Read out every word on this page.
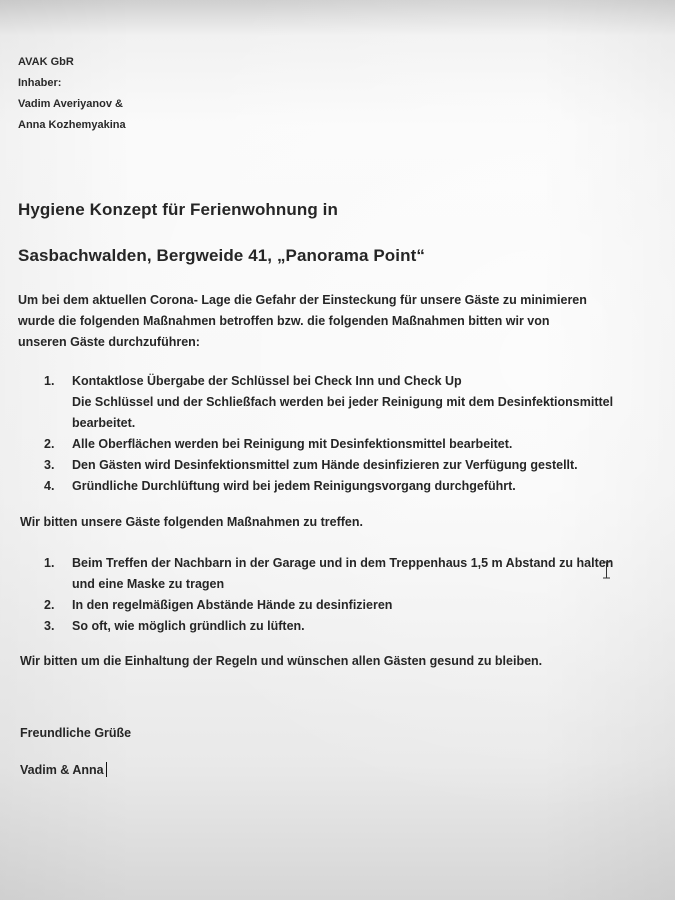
AVAK GbR
Inhaber:
Vadim Averiyanov &
Anna Kozhemyakina
Hygiene Konzept für Ferienwohnung in
Sasbachwalden, Bergweide 41, „Panorama Point“
Um bei dem aktuellen Corona- Lage die Gefahr der Einsteckung für unsere Gäste zu minimieren
wurde die folgenden Maßnahmen betroffen bzw. die folgenden Maßnahmen bitten wir von
unseren Gäste durchzuführen:
1. Kontaktlose Übergabe der Schlüssel bei Check Inn und Check Up
Die Schlüssel und der Schließfach werden bei jeder Reinigung mit dem Desinfektionsmittel
bearbeitet.
2. Alle Oberflächen werden bei Reinigung mit Desinfektionsmittel bearbeitet.
3. Den Gästen wird Desinfektionsmittel zum Hände desinfizieren zur Verfügung gestellt.
4. Gründliche Durchlüftung wird bei jedem Reinigungsvorgang durchgeführt.
Wir bitten unsere Gäste folgenden Maßnahmen zu treffen.
1. Beim Treffen der Nachbarn in der Garage und in dem Treppenhaus 1,5 m Abstand zu halten
und eine Maske zu tragen
2. In den regelmäßigen Abstände Hände zu desinfizieren
3. So oft, wie möglich gründlich zu lüften.
Wir bitten um die Einhaltung der Regeln und wünschen allen Gästen gesund zu bleiben.
Freundliche Grüße
Vadim & Anna
